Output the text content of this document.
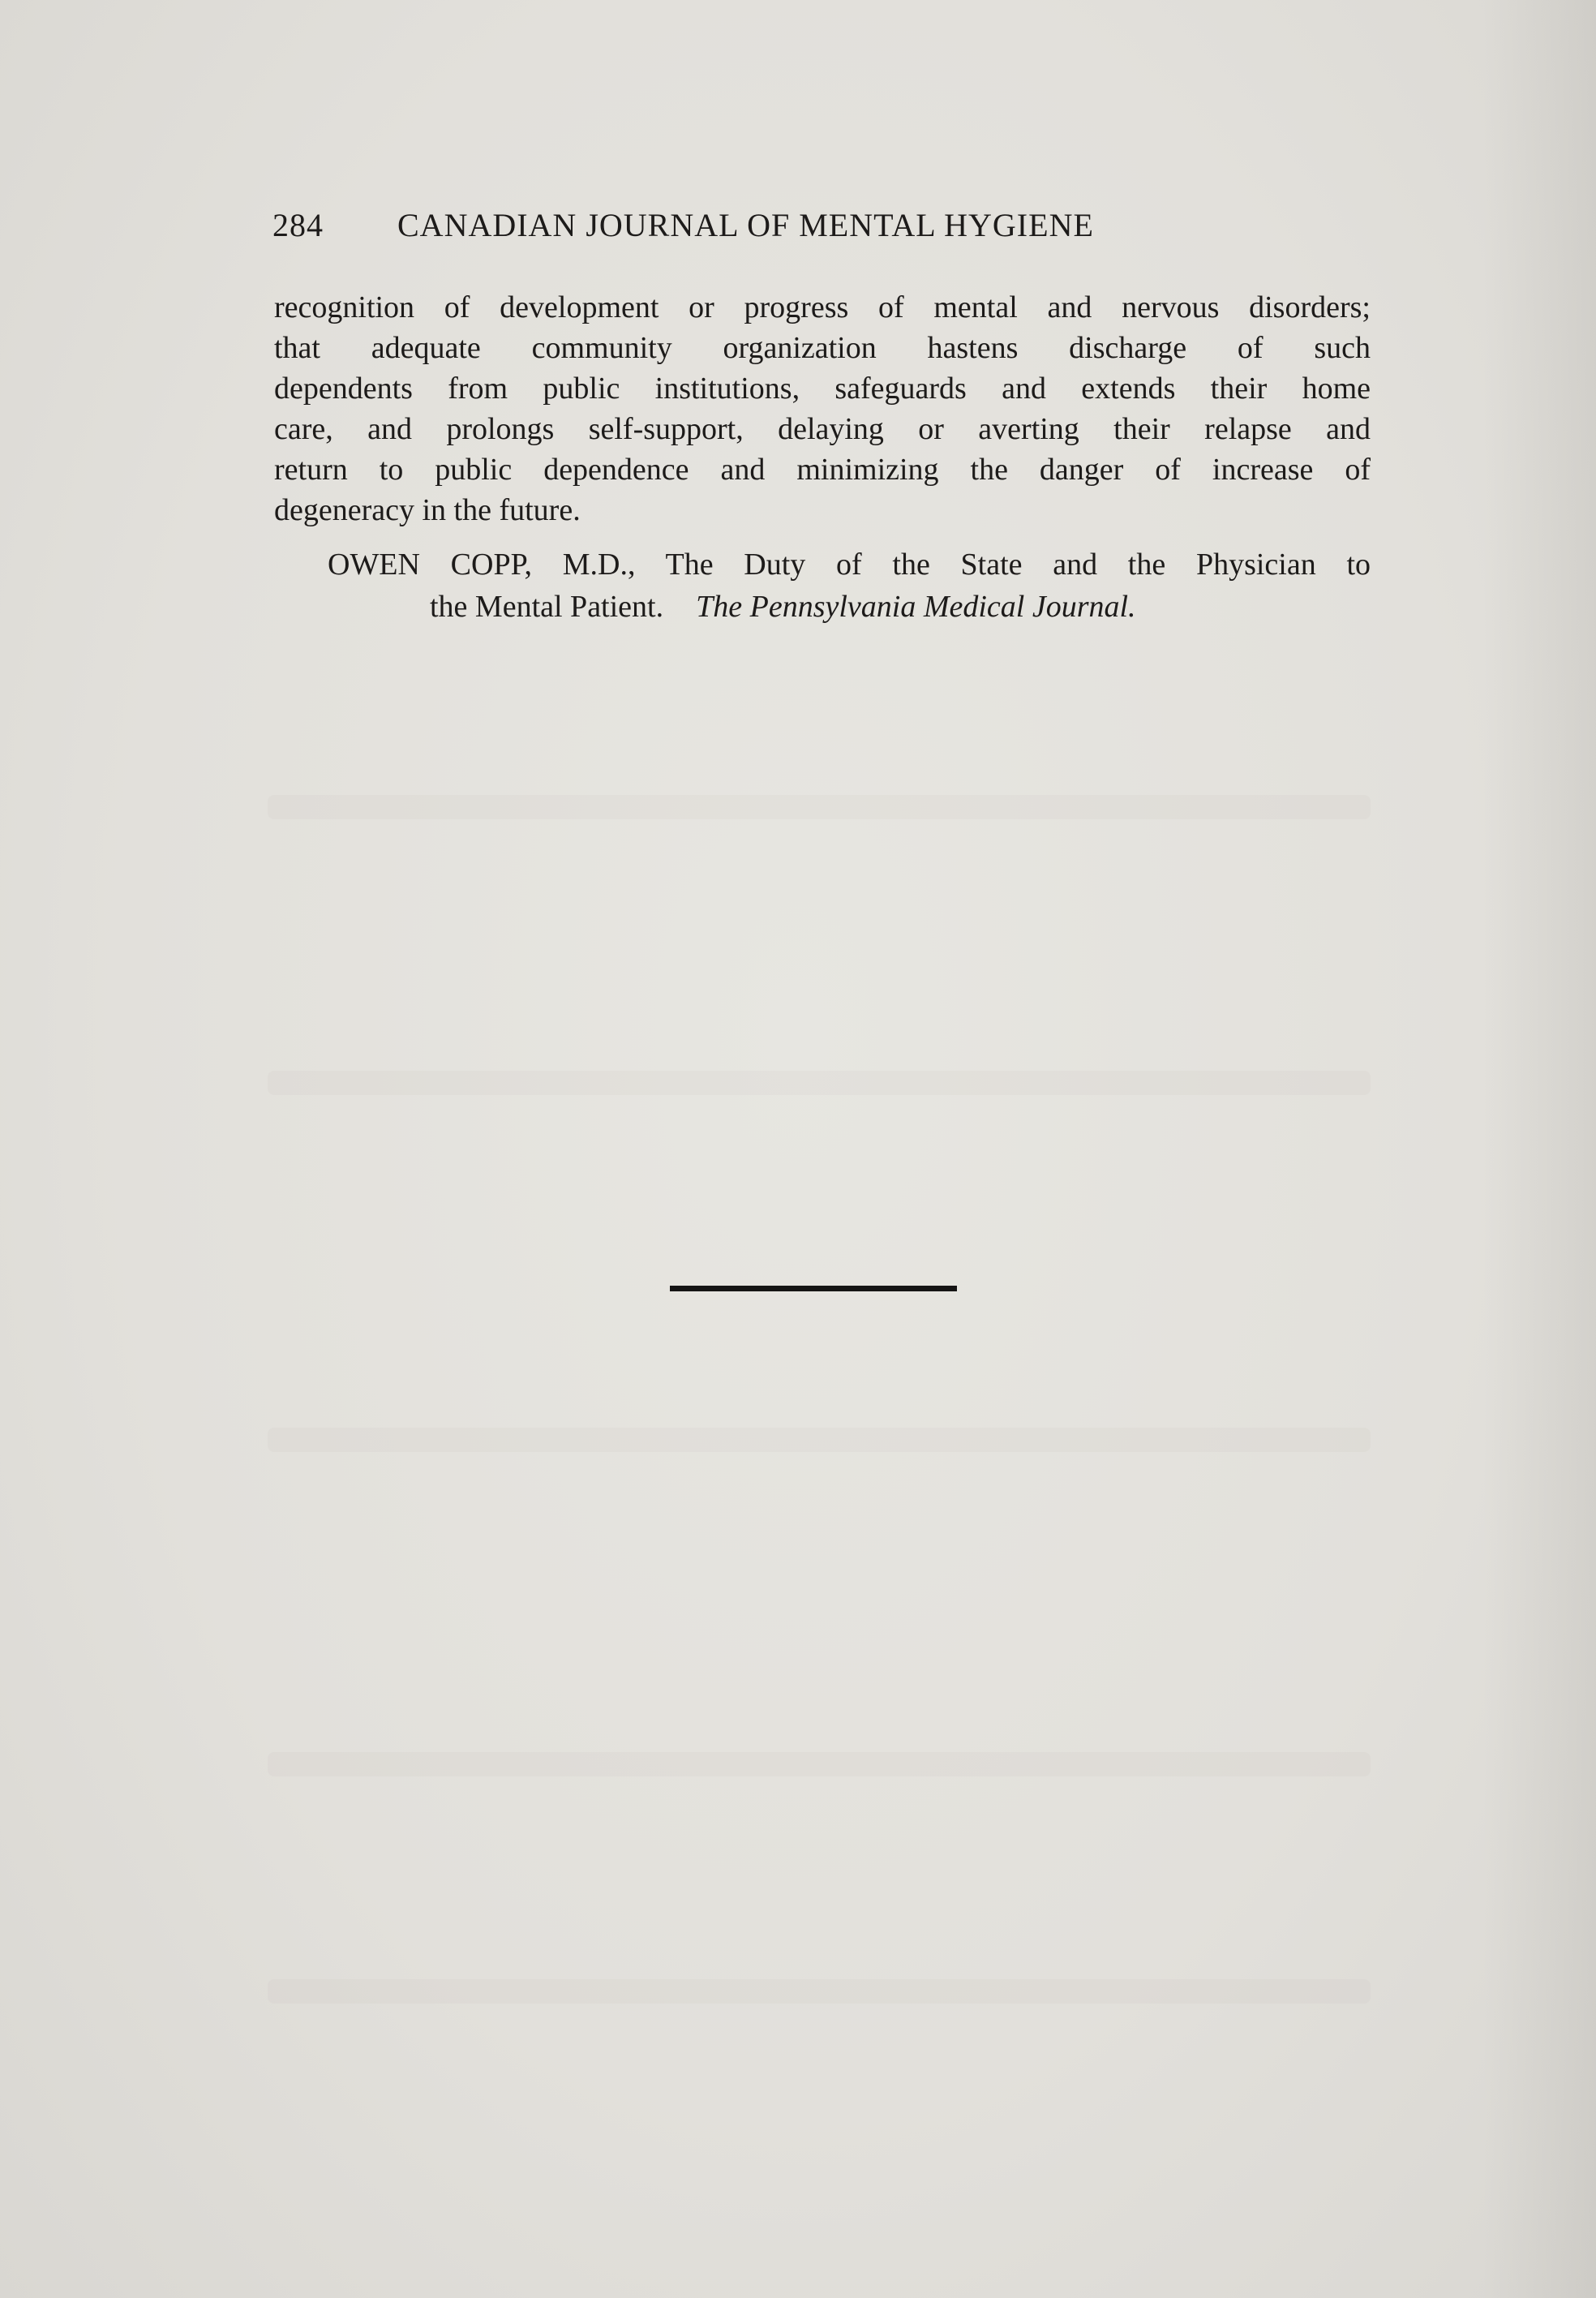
284 CANADIAN JOURNAL OF MENTAL HYGIENE
recognition of development or progress of mental and nervous disorders;
that adequate community organization hastens discharge of such
dependents from public institutions, safeguards and extends their home
care, and prolongs self-support, delaying or averting their relapse and
return to public dependence and minimizing the danger of increase of
degeneracy in the future.
OWEN COPP, M.D., The Duty of the State and the Physician to
the Mental Patient. The Pennsylvania Medical Journal.
